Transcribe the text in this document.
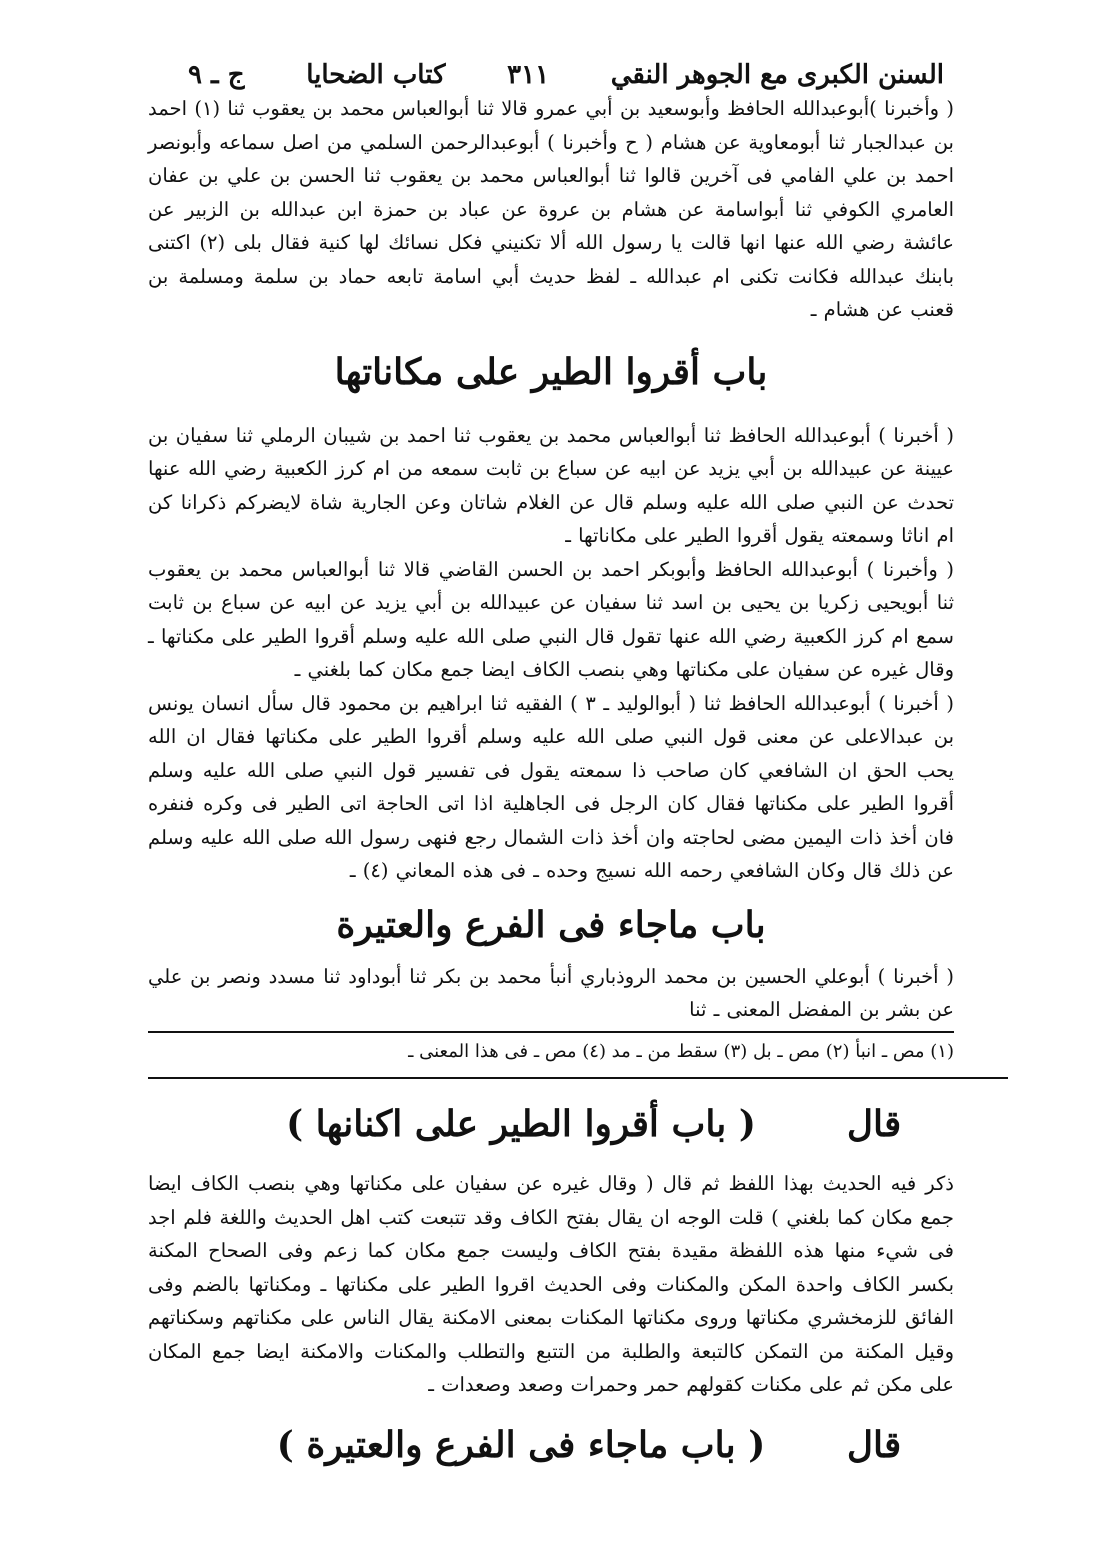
السنن الكبرى مع الجوهر النقي
٣١١
كتاب الضحايا
ج ـ ٩

( وأخبرنا )أبوعبدالله الحافظ وأبوسعيد بن أبي عمرو قالا ثنا أبوالعباس محمد بن يعقوب ثنا (١) احمد بن عبدالجبار ثنا أبومعاوية عن هشام ( ح وأخبرنا ) أبوعبدالرحمن السلمي من اصل سماعه وأبونصر احمد بن علي الفامي فى آخرين قالوا ثنا أبوالعباس محمد بن يعقوب ثنا الحسن بن علي بن عفان العامري الكوفي ثنا أبواسامة عن هشام بن عروة عن عباد بن حمزة ابن عبدالله بن الزبير عن عائشة رضي الله عنها انها قالت يا رسول الله ألا تكنيني فكل نسائك لها كنية فقال بلى (٢) اكتنى بابنك عبدالله فكانت تكنى ام عبدالله ـ لفظ حديث أبي اسامة تابعه حماد بن سلمة ومسلمة بن قعنب عن هشام ـ

باب أقروا الطير على مكاناتها

( أخبرنا ) أبوعبدالله الحافظ ثنا أبوالعباس محمد بن يعقوب ثنا احمد بن شيبان الرملي ثنا سفيان بن عيينة عن عبيدالله بن أبي يزيد عن ابيه عن سباع بن ثابت سمعه من ام كرز الكعبية رضي الله عنها تحدث عن النبي صلى الله عليه وسلم قال عن الغلام شاتان وعن الجارية شاة لايضركم ذكرانا كن ام اناثا وسمعته يقول أقروا الطير على مكاناتها ـ

( وأخبرنا ) أبوعبدالله الحافظ وأبوبكر احمد بن الحسن القاضي قالا ثنا أبوالعباس محمد بن يعقوب ثنا أبويحيى زكريا بن يحيى بن اسد ثنا سفيان عن عبيدالله بن أبي يزيد عن ابيه عن سباع بن ثابت سمع ام كرز الكعبية رضي الله عنها تقول قال النبي صلى الله عليه وسلم أقروا الطير على مكناتها ـ وقال غيره عن سفيان على مكناتها وهي بنصب الكاف ايضا جمع مكان كما بلغني ـ

( أخبرنا ) أبوعبدالله الحافظ ثنا ( أبوالوليد ـ ٣ ) الفقيه ثنا ابراهيم بن محمود قال سأل انسان يونس بن عبدالاعلى عن معنى قول النبي صلى الله عليه وسلم أقروا الطير على مكناتها فقال ان الله يحب الحق ان الشافعي كان صاحب ذا سمعته يقول فى تفسير قول النبي صلى الله عليه وسلم أقروا الطير على مكناتها فقال كان الرجل فى الجاهلية اذا اتى الحاجة اتى الطير فى وكره فنفره فان أخذ ذات اليمين مضى لحاجته وان أخذ ذات الشمال رجع فنهى رسول الله صلى الله عليه وسلم عن ذلك قال وكان الشافعي رحمه الله نسيج وحده ـ فى هذه المعاني (٤) ـ

باب ماجاء فى الفرع والعتيرة

( أخبرنا ) أبوعلي الحسين بن محمد الروذباري أنبأ محمد بن بكر ثنا أبوداود ثنا مسدد ونصر بن علي عن بشر بن المفضل المعنى ـ ثنا

(١) مص ـ انبأ (٢) مص ـ بل (٣) سقط من ـ مد (٤) مص ـ فى هذا المعنى ـ

قال
( باب أقروا الطير على اكنانها )

ذكر فيه الحديث بهذا اللفظ ثم قال ( وقال غيره عن سفيان على مكناتها وهي بنصب الكاف ايضا جمع مكان كما بلغني ) قلت الوجه ان يقال بفتح الكاف وقد تتبعت كتب اهل الحديث واللغة فلم اجد فى شيء منها هذه اللفظة مقيدة بفتح الكاف وليست جمع مكان كما زعم وفى الصحاح المكنة بكسر الكاف واحدة المكن والمكنات وفى الحديث اقروا الطير على مكناتها ـ ومكناتها بالضم وفى الفائق للزمخشري مكناتها وروى مكناتها المكنات بمعنى الامكنة يقال الناس على مكناتهم وسكناتهم وقيل المكنة من التمكن كالتبعة والطلبة من التتبع والتطلب والمكنات والامكنة ايضا جمع المكان على مكن ثم على مكنات كقولهم حمر وحمرات وصعد وصعدات ـ

قال
( باب ماجاء فى الفرع والعتيرة )
